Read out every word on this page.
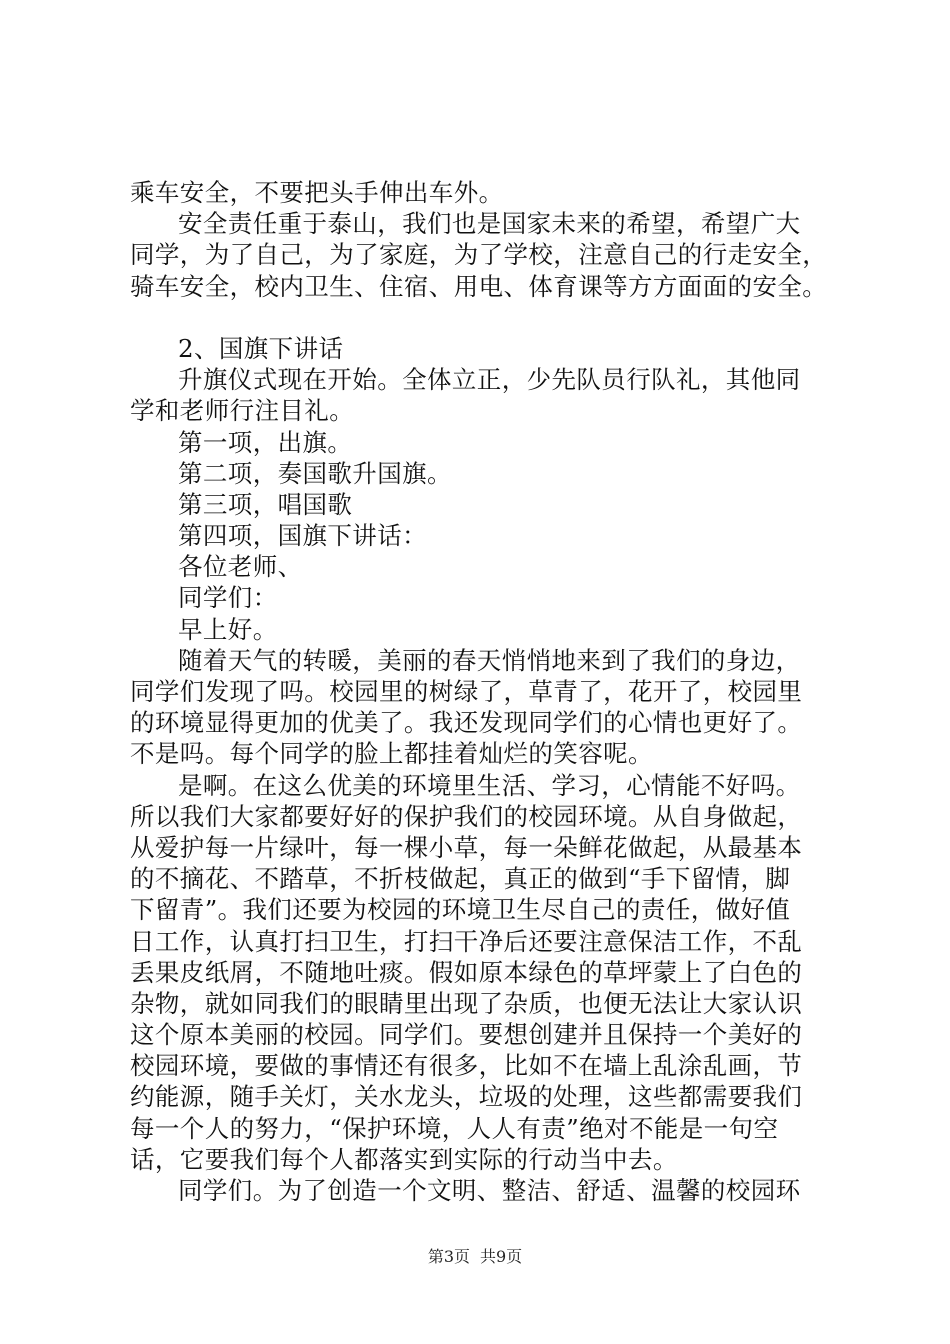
乘车安全，不要把头手伸出车外。
安全责任重于泰山，我们也是国家未来的希望，希望广大
同学，为了自己，为了家庭，为了学校，注意自己的行走安全，
骑车安全，校内卫生、住宿、用电、体育课等方方面面的安全。
2、国旗下讲话
升旗仪式现在开始。全体立正，少先队员行队礼，其他同
学和老师行注目礼。
第一项，出旗。
第二项，奏国歌升国旗。
第三项，唱国歌
第四项，国旗下讲话：
各位老师、
同学们：
早上好。
随着天气的转暖，美丽的春天悄悄地来到了我们的身边，
同学们发现了吗。校园里的树绿了，草青了，花开了，校园里
的环境显得更加的优美了。我还发现同学们的心情也更好了。
不是吗。每个同学的脸上都挂着灿烂的笑容呢。
是啊。在这么优美的环境里生活、学习，心情能不好吗。
所以我们大家都要好好的保护我们的校园环境。从自身做起，
从爱护每一片绿叶，每一棵小草，每一朵鲜花做起，从最基本
的不摘花、不踏草，不折枝做起，真正的做到“手下留情，脚
下留青”。我们还要为校园的环境卫生尽自己的责任，做好值
日工作，认真打扫卫生，打扫干净后还要注意保洁工作，不乱
丢果皮纸屑，不随地吐痰。假如原本绿色的草坪蒙上了白色的
杂物，就如同我们的眼睛里出现了杂质，也便无法让大家认识
这个原本美丽的校园。同学们。要想创建并且保持一个美好的
校园环境，要做的事情还有很多，比如不在墙上乱涂乱画，节
约能源，随手关灯，关水龙头，垃圾的处理，这些都需要我们
每一个人的努力，“保护环境，人人有责”绝对不能是一句空
话，它要我们每个人都落实到实际的行动当中去。
同学们。为了创造一个文明、整洁、舒适、温馨的校园环
第3页 共9页
